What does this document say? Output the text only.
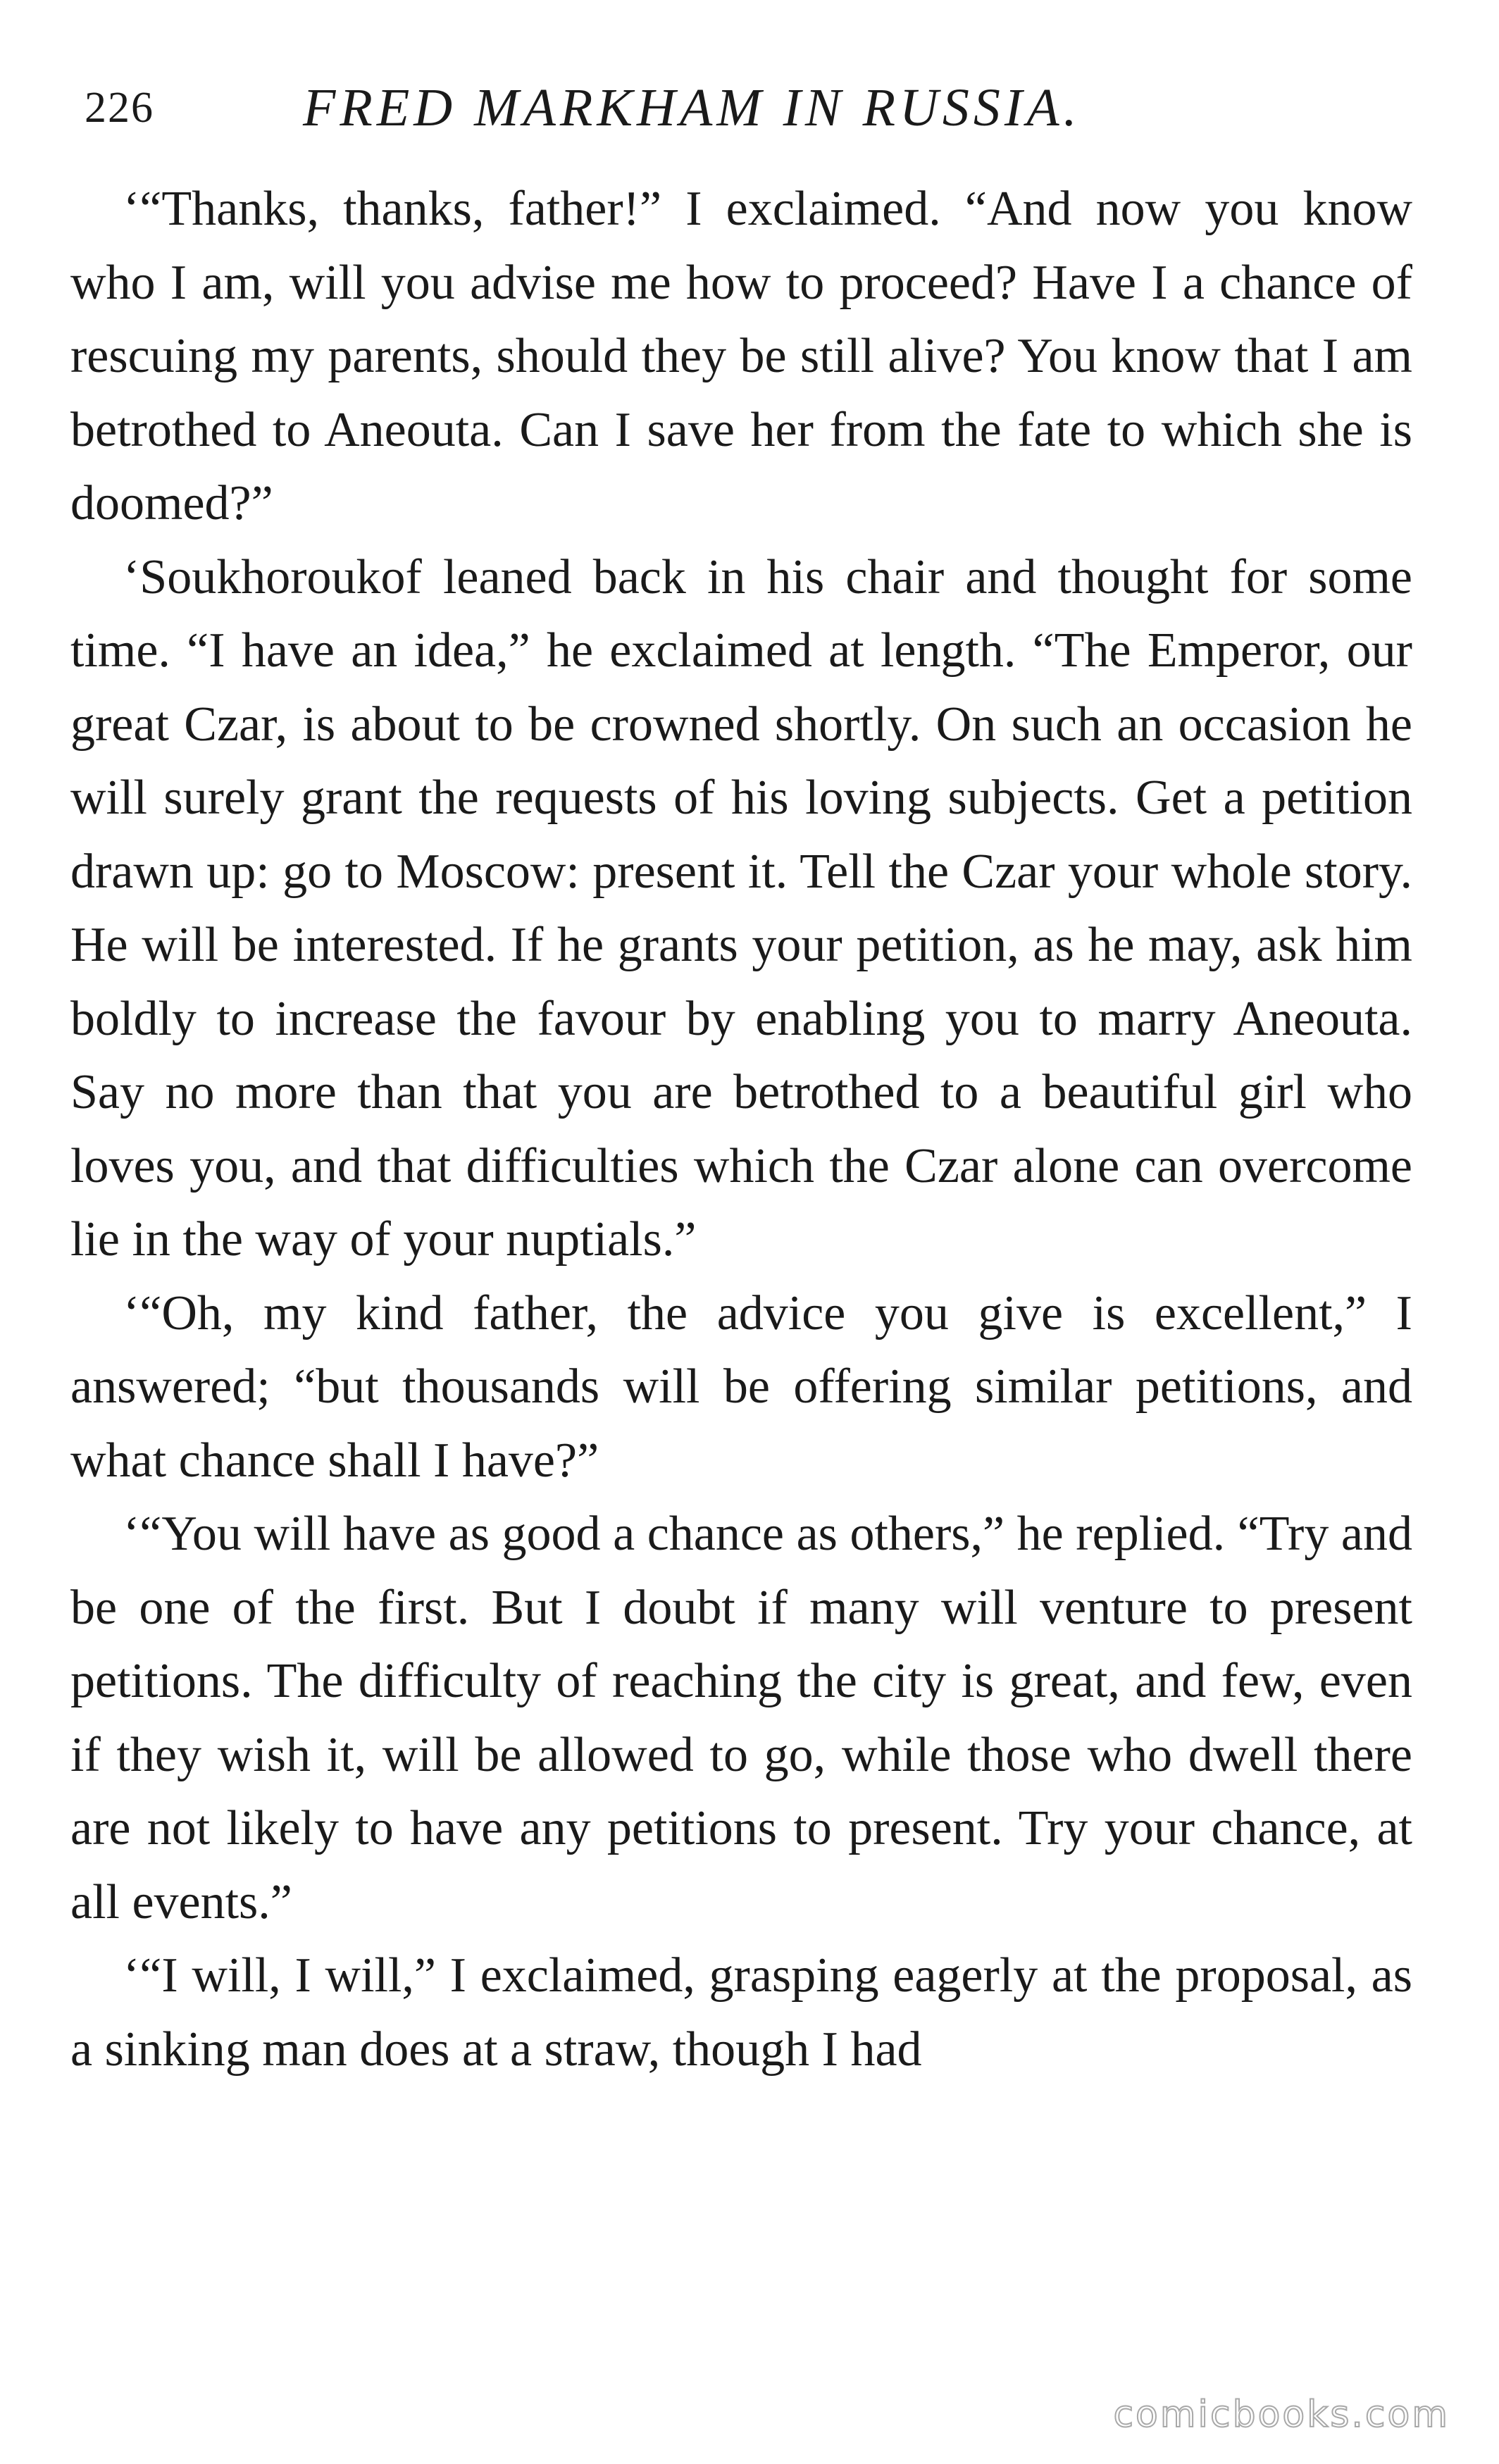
226	FRED MARKHAM IN RUSSIA.

‘“Thanks, thanks, father!” I exclaimed. “And now you know who I am, will you advise me how to proceed? Have I a chance of rescuing my parents, should they be still alive? You know that I am betrothed to Aneouta. Can I save her from the fate to which she is doomed?”

‘Soukhoroukof leaned back in his chair and thought for some time. “I have an idea,” he exclaimed at length. “The Emperor, our great Czar, is about to be crowned shortly. On such an occasion he will surely grant the requests of his loving subjects. Get a petition drawn up: go to Moscow: present it. Tell the Czar your whole story. He will be interested. If he grants your petition, as he may, ask him boldly to increase the favour by enabling you to marry Aneouta. Say no more than that you are betrothed to a beautiful girl who loves you, and that difficulties which the Czar alone can overcome lie in the way of your nuptials.”

‘“Oh, my kind father, the advice you give is excellent,” I answered; “but thousands will be offering similar petitions, and what chance shall I have?”

‘“You will have as good a chance as others,” he replied. “Try and be one of the first. But I doubt if many will venture to present petitions. The difficulty of reaching the city is great, and few, even if they wish it, will be allowed to go, while those who dwell there are not likely to have any petitions to present. Try your chance, at all events.”

‘“I will, I will,” I exclaimed, grasping eagerly at the proposal, as a sinking man does at a straw, though I had

comicbooks.com
